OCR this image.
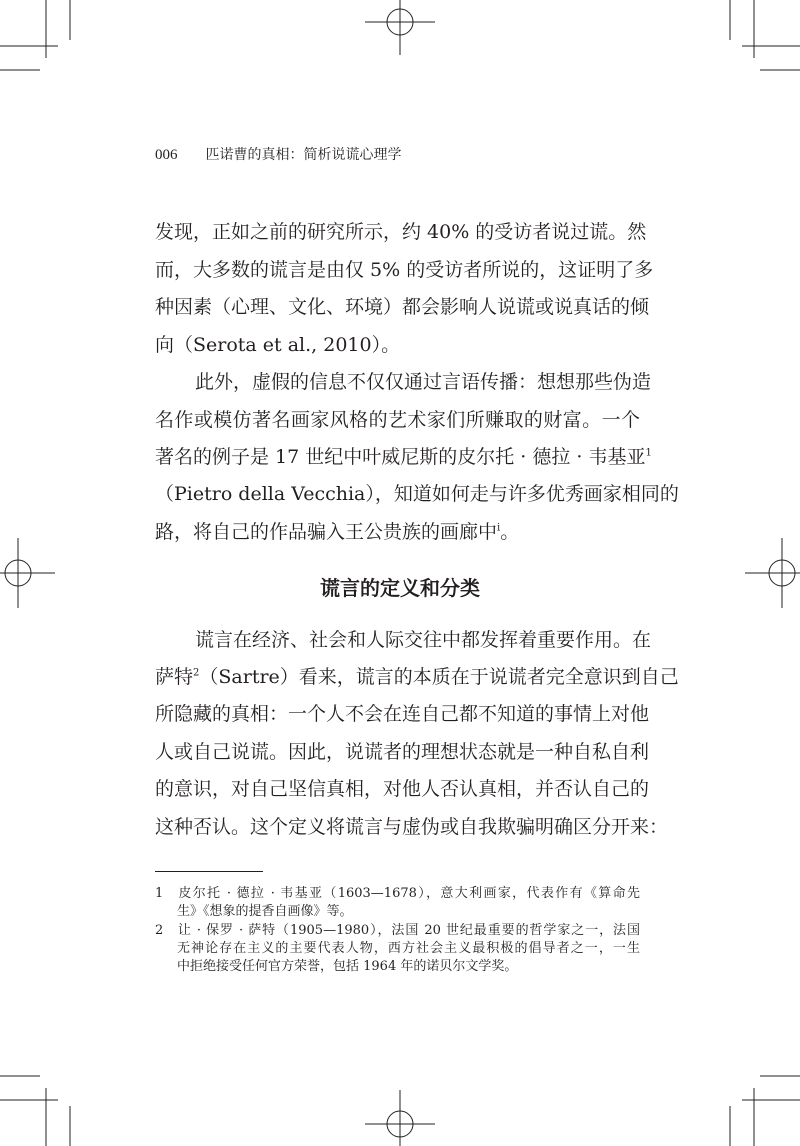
006 匹诺曹的真相：简析说谎心理学
发现，正如之前的研究所示，约 40% 的受访者说过谎。然
而，大多数的谎言是由仅 5% 的受访者所说的，这证明了多
种因素（心理、文化、环境）都会影响人说谎或说真话的倾
向（Serota et al., 2010）。
此外，虚假的信息不仅仅通过言语传播：想想那些伪造
名作或模仿著名画家风格的艺术家们所赚取的财富。一个
著名的例子是 17 世纪中叶威尼斯的皮尔托 · 德拉 · 韦基亚$^1$
（Pietro della Vecchia），知道如何走与许多优秀画家相同的
路，将自己的作品骗入王公贵族的画廊中$^i$。
谎言的定义和分类
谎言在经济、社会和人际交往中都发挥着重要作用。在
萨特$^2$（Sartre）看来，谎言的本质在于说谎者完全意识到自己
所隐藏的真相：一个人不会在连自己都不知道的事情上对他
人或自己说谎。因此，说谎者的理想状态就是一种自私自利
的意识，对自己坚信真相，对他人否认真相，并否认自己的
这种否认。这个定义将谎言与虚伪或自我欺骗明确区分开来：
1 皮尔托 · 德拉 · 韦基亚（1603—1678），意大利画家，代表作有《算命先
生》《想象的提香自画像》等。
2 让 · 保罗 · 萨特（1905—1980），法国 20 世纪最重要的哲学家之一，法国
无神论存在主义的主要代表人物，西方社会主义最积极的倡导者之一，一生
中拒绝接受任何官方荣誉，包括 1964 年的诺贝尔文学奖。
